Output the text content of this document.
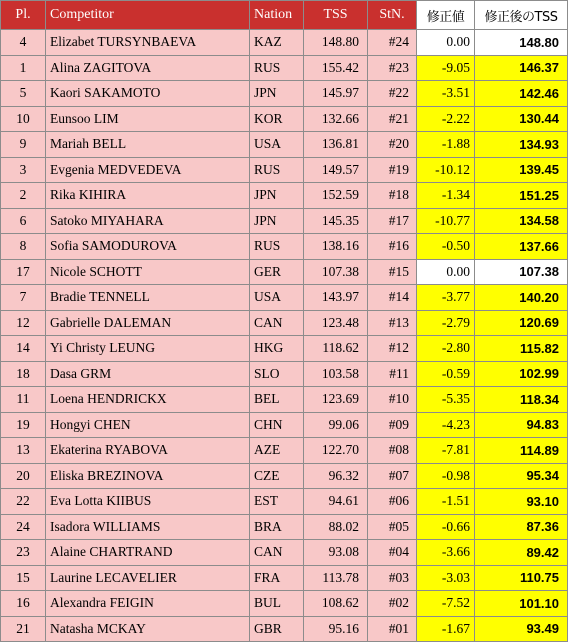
Pl.	Competitor	Nation	TSS	StN.	修正値	修正後のTSS
4	Elizabet TURSYNBAEVA	KAZ	148.80	#24	0.00	148.80
1	Alina ZAGITOVA	RUS	155.42	#23	-9.05	146.37
5	Kaori SAKAMOTO	JPN	145.97	#22	-3.51	142.46
10	Eunsoo LIM	KOR	132.66	#21	-2.22	130.44
9	Mariah BELL	USA	136.81	#20	-1.88	134.93
3	Evgenia MEDVEDEVA	RUS	149.57	#19	-10.12	139.45
2	Rika KIHIRA	JPN	152.59	#18	-1.34	151.25
6	Satoko MIYAHARA	JPN	145.35	#17	-10.77	134.58
8	Sofia SAMODUROVA	RUS	138.16	#16	-0.50	137.66
17	Nicole SCHOTT	GER	107.38	#15	0.00	107.38
7	Bradie TENNELL	USA	143.97	#14	-3.77	140.20
12	Gabrielle DALEMAN	CAN	123.48	#13	-2.79	120.69
14	Yi Christy LEUNG	HKG	118.62	#12	-2.80	115.82
18	Dasa GRM	SLO	103.58	#11	-0.59	102.99
11	Loena HENDRICKX	BEL	123.69	#10	-5.35	118.34
19	Hongyi CHEN	CHN	99.06	#09	-4.23	94.83
13	Ekaterina RYABOVA	AZE	122.70	#08	-7.81	114.89
20	Eliska BREZINOVA	CZE	96.32	#07	-0.98	95.34
22	Eva Lotta KIIBUS	EST	94.61	#06	-1.51	93.10
24	Isadora WILLIAMS	BRA	88.02	#05	-0.66	87.36
23	Alaine CHARTRAND	CAN	93.08	#04	-3.66	89.42
15	Laurine LECAVELIER	FRA	113.78	#03	-3.03	110.75
16	Alexandra FEIGIN	BUL	108.62	#02	-7.52	101.10
21	Natasha MCKAY	GBR	95.16	#01	-1.67	93.49
